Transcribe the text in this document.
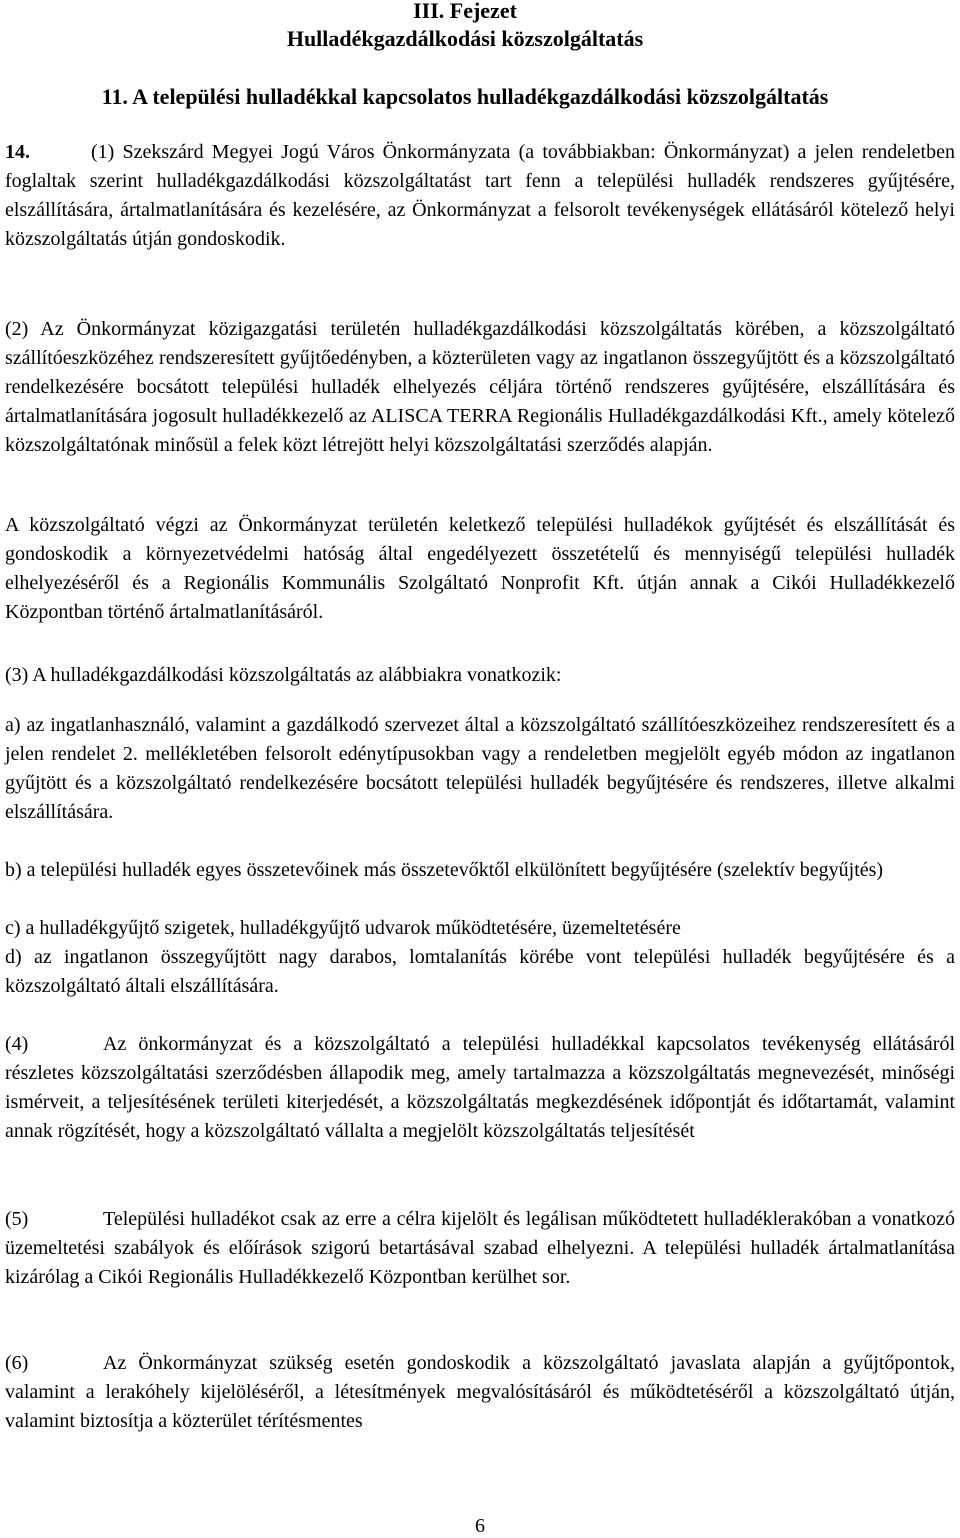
III. Fejezet
Hulladékgazdálkodási közszolgáltatás
11. A települési hulladékkal kapcsolatos hulladékgazdálkodási közszolgáltatás

14.	(1) Szekszárd Megyei Jogú Város Önkormányzata (a továbbiakban: Önkormányzat) a jelen rendeletben foglaltak szerint hulladékgazdálkodási közszolgáltatást tart fenn a települési hulladék rendszeres gyűjtésére, elszállítására, ártalmatlanítására és kezelésére, az Önkormányzat a felsorolt tevékenységek ellátásáról kötelező helyi közszolgáltatás útján gondoskodik.

(2) Az Önkormányzat közigazgatási területén hulladékgazdálkodási közszolgáltatás körében, a közszolgáltató szállítóeszközéhez rendszeresített gyűjtőedényben, a közterületen vagy az ingatlanon összegyűjtött és a közszolgáltató rendelkezésére bocsátott települési hulladék elhelyezés céljára történő rendszeres gyűjtésére, elszállítására és ártalmatlanítására jogosult hulladékkezelő az ALISCA TERRA Regionális Hulladékgazdálkodási Kft., amely kötelező közszolgáltatónak minősül a felek közt létrejött helyi közszolgáltatási szerződés alapján.

A közszolgáltató végzi az Önkormányzat területén keletkező települési hulladékok gyűjtését és elszállítását és gondoskodik a környezetvédelmi hatóság által engedélyezett összetételű és mennyiségű települési hulladék elhelyezéséről és a Regionális Kommunális Szolgáltató Nonprofit Kft. útján annak a Cikói Hulladékkezelő Központban történő ártalmatlanításáról.

(3) A hulladékgazdálkodási közszolgáltatás az alábbiakra vonatkozik:

a) az ingatlanhasználó, valamint a gazdálkodó szervezet által a közszolgáltató szállítóeszközeihez rendszeresített és a jelen rendelet 2. mellékletében felsorolt edénytípusokban vagy a rendeletben megjelölt egyéb módon az ingatlanon gyűjtött és a közszolgáltató rendelkezésére bocsátott települési hulladék begyűjtésére és rendszeres, illetve alkalmi elszállítására.

b) a települési hulladék egyes összetevőinek más összetevőktől elkülönített begyűjtésére (szelektív begyűjtés)

c) a hulladékgyűjtő szigetek, hulladékgyűjtő udvarok működtetésére, üzemeltetésére

d) az ingatlanon összegyűjtött nagy darabos, lomtalanítás körébe vont települési hulladék begyűjtésére és a közszolgáltató általi elszállítására.

(4)	Az önkormányzat és a közszolgáltató a települési hulladékkal kapcsolatos tevékenység ellátásáról részletes közszolgáltatási szerződésben állapodik meg, amely tartalmazza a közszolgáltatás megnevezését, minőségi ismérveit, a teljesítésének területi kiterjedését, a közszolgáltatás megkezdésének időpontját és időtartamát, valamint annak rögzítését, hogy a közszolgáltató vállalta a megjelölt közszolgáltatás teljesítését

(5)	Települési hulladékot csak az erre a célra kijelölt és legálisan működtetett hulladéklerakóban a vonatkozó üzemeltetési szabályok és előírások szigorú betartásával szabad elhelyezni. A települési hulladék ártalmatlanítása kizárólag a Cikói Regionális Hulladékkezelő Központban kerülhet sor.

(6)	Az Önkormányzat szükség esetén gondoskodik a közszolgáltató javaslata alapján a gyűjtőpontok, valamint a lerakóhely kijelöléséről, a létesítmények megvalósításáról és működtetéséről a közszolgáltató útján, valamint biztosítja a közterület térítésmentes

6
